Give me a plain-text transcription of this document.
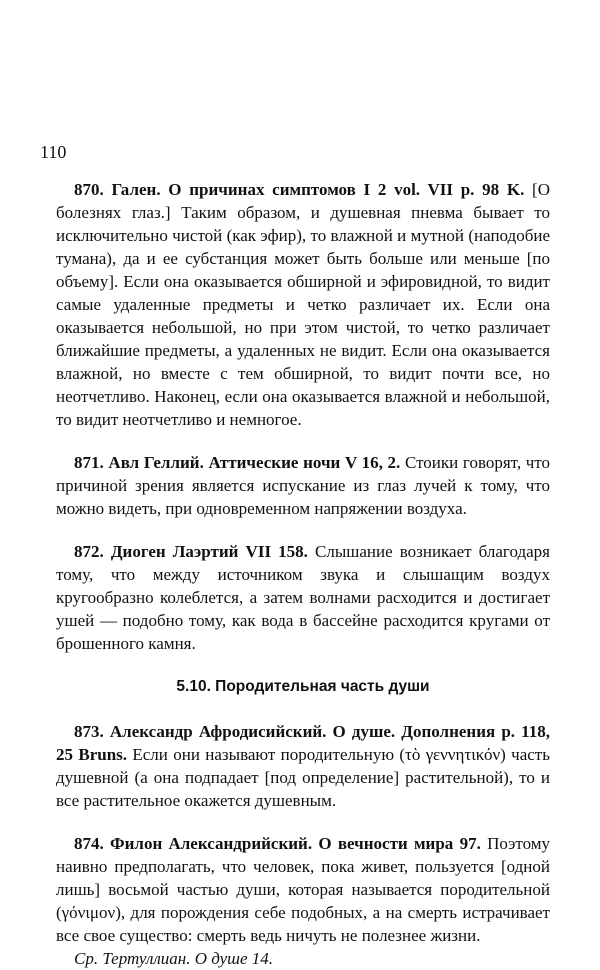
110

870. Гален. О причинах симптомов I 2 vol. VII p. 98 K. [О болезнях глаз.] Таким образом, и душевная пневма бывает то исключительно чистой (как эфир), то влажной и мутной (наподобие тумана), да и ее субстанция может быть больше или меньше [по объему]. Если она оказывается обширной и эфировидной, то видит самые удаленные предметы и четко различает их. Если она оказывается небольшой, но при этом чистой, то четко различает ближайшие предметы, а удаленных не видит. Если она оказывается влажной, но вместе с тем обширной, то видит почти все, но неотчетливо. Наконец, если она оказывается влажной и небольшой, то видит неотчетливо и немногое.

871. Авл Геллий. Аттические ночи V 16, 2. Стоики говорят, что причиной зрения является испускание из глаз лучей к тому, что можно видеть, при одновременном напряжении воздуха.

872. Диоген Лаэртий VII 158. Слышание возникает благодаря тому, что между источником звука и слышащим воздух кругообразно колеблется, а затем волнами расходится и достигает ушей — подобно тому, как вода в бассейне расходится кругами от брошенного камня.

5.10. Породительная часть души

873. Александр Афродисийский. О душе. Дополнения p. 118, 25 Bruns. Если они называют породительную (τὸ γεννητικόν) часть душевной (а она подпадает [под определение] растительной), то и все растительное окажется душевным.

874. Филон Александрийский. О вечности мира 97. Поэтому наивно предполагать, что человек, пока живет, пользуется [одной лишь] восьмой частью души, которая называется породительной (γόνιμον), для порождения себе подобных, а на смерть истрачивает все свое существо: смерть ведь ничуть не полезнее жизни.

Ср. Тертуллиан. О душе 14.
